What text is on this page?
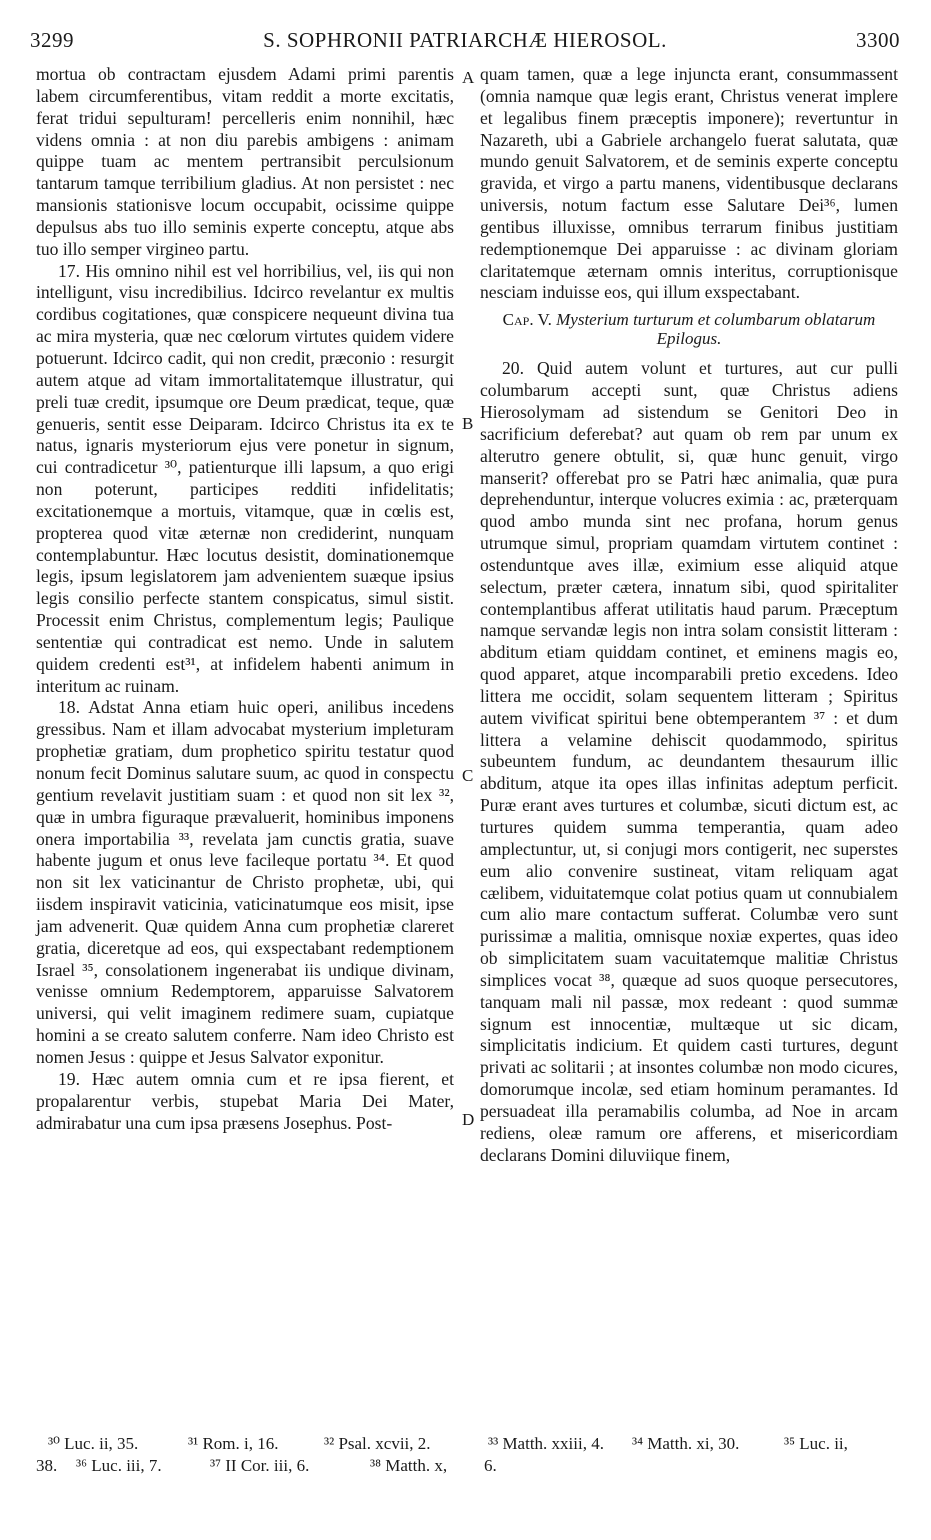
3299	S. SOPHRONII PATRIARCHÆ HIEROSOL.	3300

mortua ob contractam ejusdem Adami primi parentis labem circumferentibus, vitam reddit a morte excitatis, ferat tridui sepulturam! percelleris enim nonnihil, hæc videns omnia : at non diu parebis ambigens : animam quippe tuam ac mentem pertransibit perculsionum tantarum tamque terribilium gladius. At non persistet : nec mansionis stationisve locum occupabit, ocissime quippe depulsus abs tuo illo seminis experte conceptu, atque abs tuo illo semper virgineo partu.

17. His omnino nihil est vel horribilius, vel, iis qui non intelligunt, visu incredibilius. Idcirco revelantur ex multis cordibus cogitationes, quæ conspicere nequeunt divina tua ac mira mysteria, quæ nec cœlorum virtutes quidem videre potuerunt. Idcirco cadit, qui non credit, præconio : resurgit autem atque ad vitam immortalitatemque illustratur, qui preli tuæ credit, ipsumque ore Deum prædicat, teque, quæ genueris, sentit esse Deiparam. Idcirco Christus ita ex te natus, ignaris mysteriorum ejus vere ponetur in signum, cui contradicetur ³⁰, patienturque illi lapsum, a quo erigi non poterunt, participes redditi infidelitatis; excitationemque a mortuis, vitamque, quæ in cœlis est, propterea quod vitæ æternæ non crediderint, nunquam contemplabuntur. Hæc locutus desistit, dominationemque legis, ipsum legislatorem jam advenientem suæque ipsius legis consilio perfecte stantem conspicatus, simul sistit. Processit enim Christus, complementum legis; Paulique sententiæ qui contradicat est nemo. Unde in salutem quidem credenti est³¹, at infidelem habenti animum in interitum ac ruinam.

18. Adstat Anna etiam huic operi, anilibus incedens gressibus. Nam et illam advocabat mysterium impleturam prophetiæ gratiam, dum prophetico spiritu testatur quod nonum fecit Dominus salutare suum, ac quod in conspectu gentium revelavit justitiam suam : et quod non sit lex ³², quæ in umbra figuraque prævaluerit, hominibus imponens onera importabilia ³³, revelata jam cunctis gratia, suave habente jugum et onus leve facileque portatu ³⁴. Et quod non sit lex vaticinantur de Christo prophetæ, ubi, qui iisdem inspiravit vaticinia, vaticinatumque eos misit, ipse jam advenerit. Quæ quidem Anna cum prophetiæ clareret gratia, diceretque ad eos, qui exspectabant redemptionem Israel ³⁵, consolationem ingenerabat iis undique divinam, venisse omnium Redemptorem, apparuisse Salvatorem universi, qui velit imaginem redimere suam, cupiatque homini a se creato salutem conferre. Nam ideo Christo est nomen Jesus : quippe et Jesus Salvator exponitur.

19. Hæc autem omnia cum et re ipsa fierent, et propalarentur verbis, stupebat Maria Dei Mater, admirabatur una cum ipsa præsens Josephus. Post-

quam tamen, quæ a lege injuncta erant, consummassent (omnia namque quæ legis erant, Christus venerat implere et legalibus finem præceptis imponere); revertuntur in Nazareth, ubi a Gabriele archangelo fuerat salutata, quæ mundo genuit Salvatorem, et de seminis experte conceptu gravida, et virgo a partu manens, videntibusque declarans universis, notum factum esse Salutare Dei³⁶, lumen gentibus illuxisse, omnibus terrarum finibus justitiam redemptionemque Dei apparuisse : ac divinam gloriam claritatemque æternam omnis interitus, corruptionisque nesciam induisse eos, qui illum exspectabant.

Cap. V. Mysterium turturum et columbarum oblatarum Epilogus.

20. Quid autem volunt et turtures, aut cur pulli columbarum accepti sunt, quæ Christus adiens Hierosolymam ad sistendum se Genitori Deo in sacrificium deferebat? aut quam ob rem par unum ex alterutro genere obtulit, si, quæ hunc genuit, virgo manserit? offerebat pro se Patri hæc animalia, quæ pura deprehenduntur, interque volucres eximia : ac, præterquam quod ambo munda sint nec profana, horum genus utrumque simul, propriam quamdam virtutem continet : ostenduntque aves illæ, eximium esse aliquid atque selectum, præter cætera, innatum sibi, quod spiritaliter contemplantibus afferat utilitatis haud parum. Præceptum namque servandæ legis non intra solam consistit litteram : abditum etiam quiddam continet, et eminens magis eo, quod apparet, atque incomparabili pretio excedens. Ideo littera me occidit, solam sequentem litteram ; Spiritus autem vivificat spiritui bene obtemperantem ³⁷ : et dum littera a velamine dehiscit quodammodo, spiritus subeuntem fundum, ac deundantem thesaurum illic abditum, atque ita opes illas infinitas adeptum perficit. Puræ erant aves turtures et columbæ, sicuti dictum est, ac turtures quidem summa temperantia, quam adeo amplectuntur, ut, si conjugi mors contigerit, nec superstes eum alio convenire sustineat, vitam reliquam agat cælibem, viduitatemque colat potius quam ut connubialem cum alio mare contactum sufferat. Columbæ vero sunt purissimæ a malitia, omnisque noxiæ expertes, quas ideo ob simplicitatem suam vacuitatemque malitiæ Christus simplices vocat ³⁸, quæque ad suos quoque persecutores, tanquam mali nil passæ, mox redeant : quod summæ signum est innocentiæ, multæque ut sic dicam, simplicitatis indicium. Et quidem casti turtures, degunt privati ac solitarii ; at insontes columbæ non modo cicures, domorumque incolæ, sed etiam hominum peramantes. Id persuadeat illa peramabilis columba, ad Noe in arcam rediens, oleæ ramum ore afferens, et misericordiam declarans Domini diluviique finem,

A
B
C
D
³⁰ Luc. ii, 35.	³¹ Rom. i, 16.	³² Psal. xcvii, 2.	³³ Matth. xxiii, 4. ³⁴ Matth. xi, 30.	³⁵ Luc. ii,
38. ³⁶ Luc. iii, 7.	³⁷ II Cor. iii, 6.	³⁸ Matth. x, 6.
